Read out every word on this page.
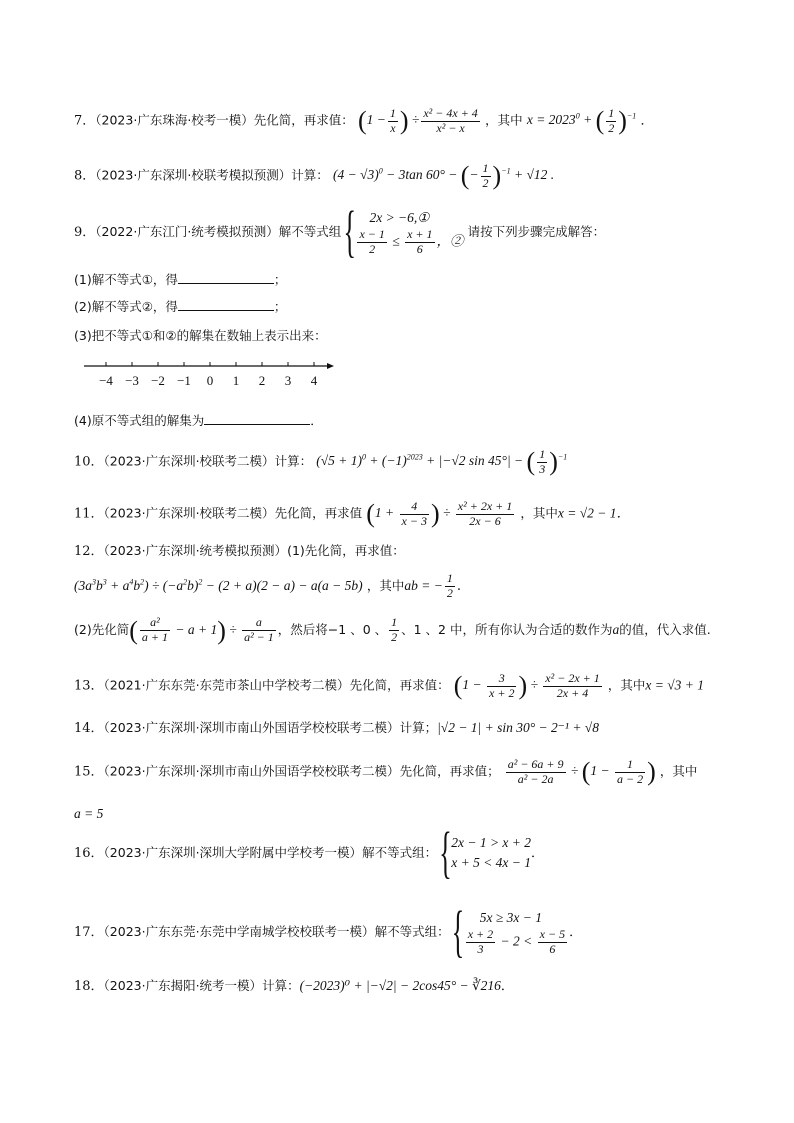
7．（2023·广东珠海·校考一模）先化简，再求值： ($1 - \frac{1}{x}$ ) ÷ $\frac{\text{x² − 4x + 4}}{\text{x² − x}}$ ，其中 $x = 2023^0$ + ( $\frac{1}{2} )^{-1}$ ．
8．（2023·广东深圳·校联考模拟预测）计算： $(4 - √3)^0 - 3\tan$ 60° − (− $\frac{1}{2} )^{-1} + √12$ .
9．（2022·广东江门·统考模拟预测）解不等式组
{ 2x > −6,①
$\frac{x - 1}{2} \le \frac{x + 1}{6}$ ，②
请按下列步骤完成解答：
(1)解不等式①，得	；
(2)解不等式②，得	；
(3)把不等式①和②的解集在数轴上表示出来：
−4 −3 −2 −1 0 1 2 3 4
(4)原不等式组的解集为	．
10．（2023·广东深圳·校联考二模）计算： $(√5 + 1)^0 + (-1)^{2023} + |-√2$ sin 45°| − ( $\frac{1}{3} )^{-1}$
11．（2023·广东深圳·校联考二模）先化简，再求值 ($1 + \frac{4}{x - 3}$ ) ÷ $\frac{\text{x² + 2x + 1}}{2x - 6}$ ，其中x = √2 − 1．
12．（2023·广东深圳·统考模拟预测）(1)先化简，再求值：
$(3a^3b^3 + a^4b^2) \div (-a^2b)^2 - (2 + a)(2 - a) - a(a - 5b)$ ，其中ab = − $\frac{1}{2}$ .
(2)先化简( $\frac{\text{a²}}{a + 1} - a + 1) \div \frac{a}{\text{a² − 1}}$ ，然后将−1 、0 、 $\frac{1}{2}$ 、1 、2 中，所有你认为合适的数作为a的值，代入求值.
13．（2021·广东东莞·东莞市茶山中学校考二模）先化简，再求值： ($1 - \frac{3}{x + 2}$ ) ÷ $\frac{\text{x² − 2x + 1}}{2x + 4}$ ，其中x = √3 + 1
14．（2023·广东深圳·深圳市南山外国语学校校联考二模）计算；|√2 − 1| + sin 30° − 2⁻¹ + √8
15．（2023·广东深圳·深圳市南山外国语学校校联考二模）先化简，再求值； $\frac{\text{a² − 6a + 9}}{\text{a² − 2a}} \div (1 - \frac{1}{a - 2}$ ) ，其中
a = 5
16．（2023·广东深圳·深圳大学附属中学校考一模）解不等式组：
{ 2x − 1 > x + 2
x + 5 < 4x − 1
．
17．（2023·广东东莞·东莞中学南城学校校联考一模）解不等式组：
{ 5x ≥ 3x − 1
$\frac{x + 2}{3} - 2 < \frac{x - 5}{6}$ ．
18．（2023·广东揭阳·统考一模）计算：(−2023)⁰ + |−√2| − 2cos45° − ∛216．
